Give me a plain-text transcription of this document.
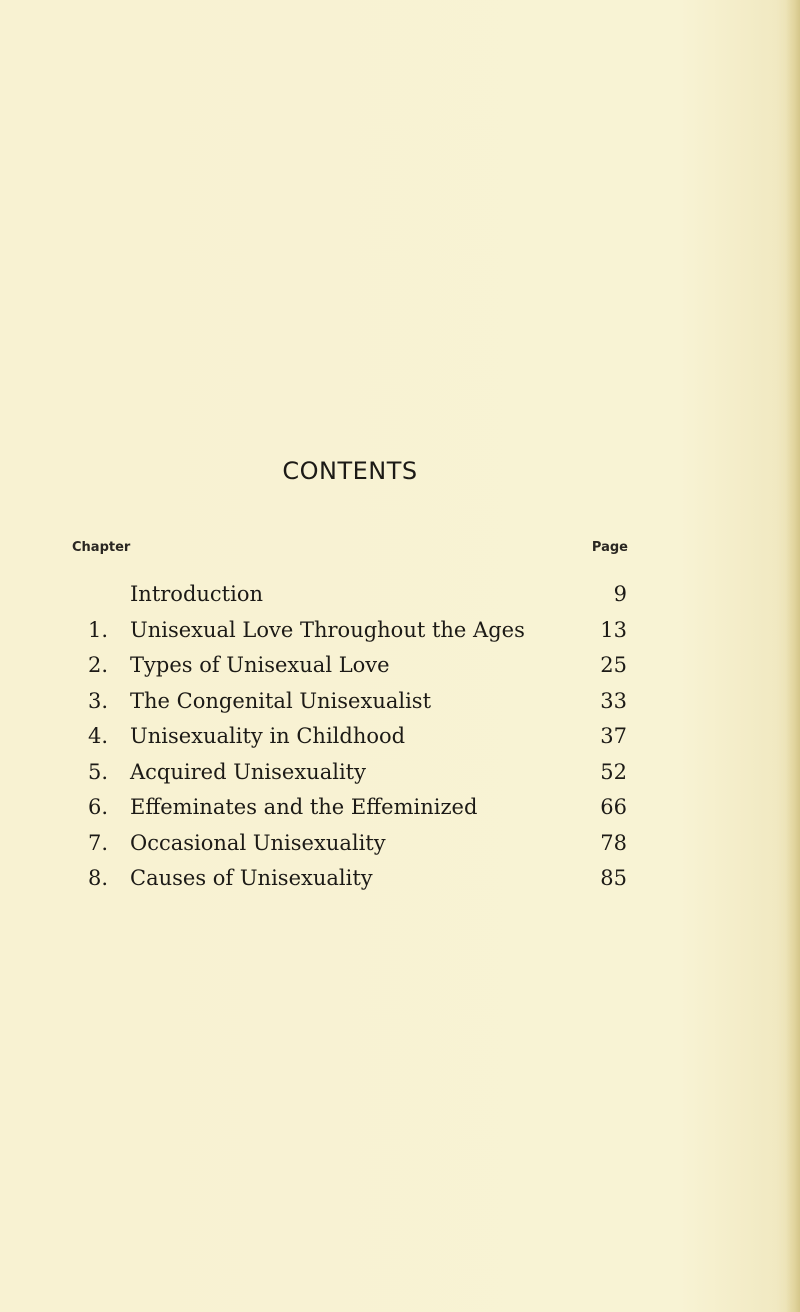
CONTENTS
Chapter	Page
Introduction	9
1. Unisexual Love Throughout the Ages	13
2. Types of Unisexual Love	25
3. The Congenital Unisexualist	33
4. Unisexuality in Childhood	37
5. Acquired Unisexuality	52
6. Effeminates and the Effeminized	66
7. Occasional Unisexuality	78
8. Causes of Unisexuality	85
